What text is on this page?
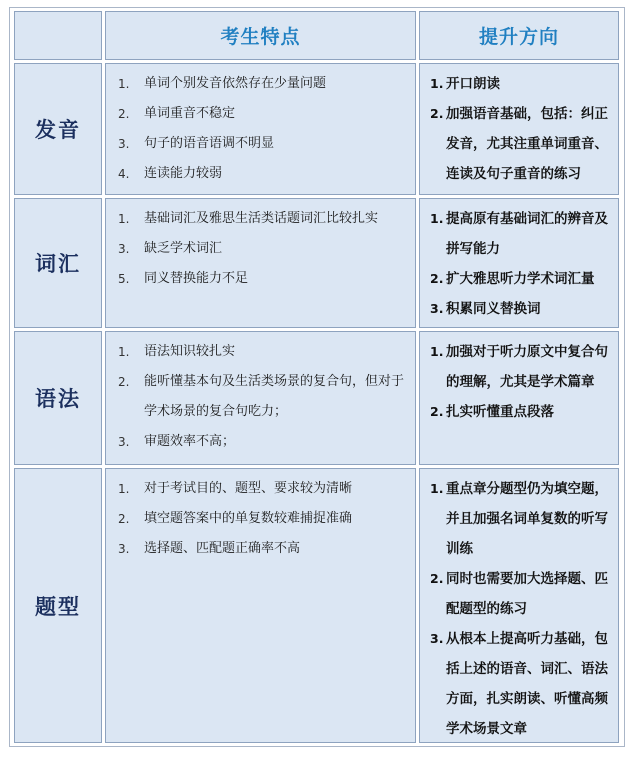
考生特点	提升方向
发音
1. 单词个别发音依然存在少量问题
2. 单词重音不稳定
3. 句子的语音语调不明显
4. 连读能力较弱
1. 开口朗读
2. 加强语音基础，包括：纠正发音，尤其注重单词重音、连读及句子重音的练习
词汇
1. 基础词汇及雅思生活类话题词汇比较扎实
3. 缺乏学术词汇
5. 同义替换能力不足
1. 提高原有基础词汇的辨音及拼写能力
2. 扩大雅思听力学术词汇量
3. 积累同义替换词
语法
1. 语法知识较扎实
2. 能听懂基本句及生活类场景的复合句，但对于学术场景的复合句吃力；
3. 审题效率不高；
1. 加强对于听力原文中复合句的理解，尤其是学术篇章
2. 扎实听懂重点段落
题型
1. 对于考试目的、题型、要求较为清晰
2. 填空题答案中的单复数较难捕捉准确
3. 选择题、匹配题正确率不高
1. 重点章分题型仍为填空题，并且加强名词单复数的听写训练
2. 同时也需要加大选择题、匹配题型的练习
3. 从根本上提高听力基础，包括上述的语音、词汇、语法方面，扎实朗读、听懂高频学术场景文章
